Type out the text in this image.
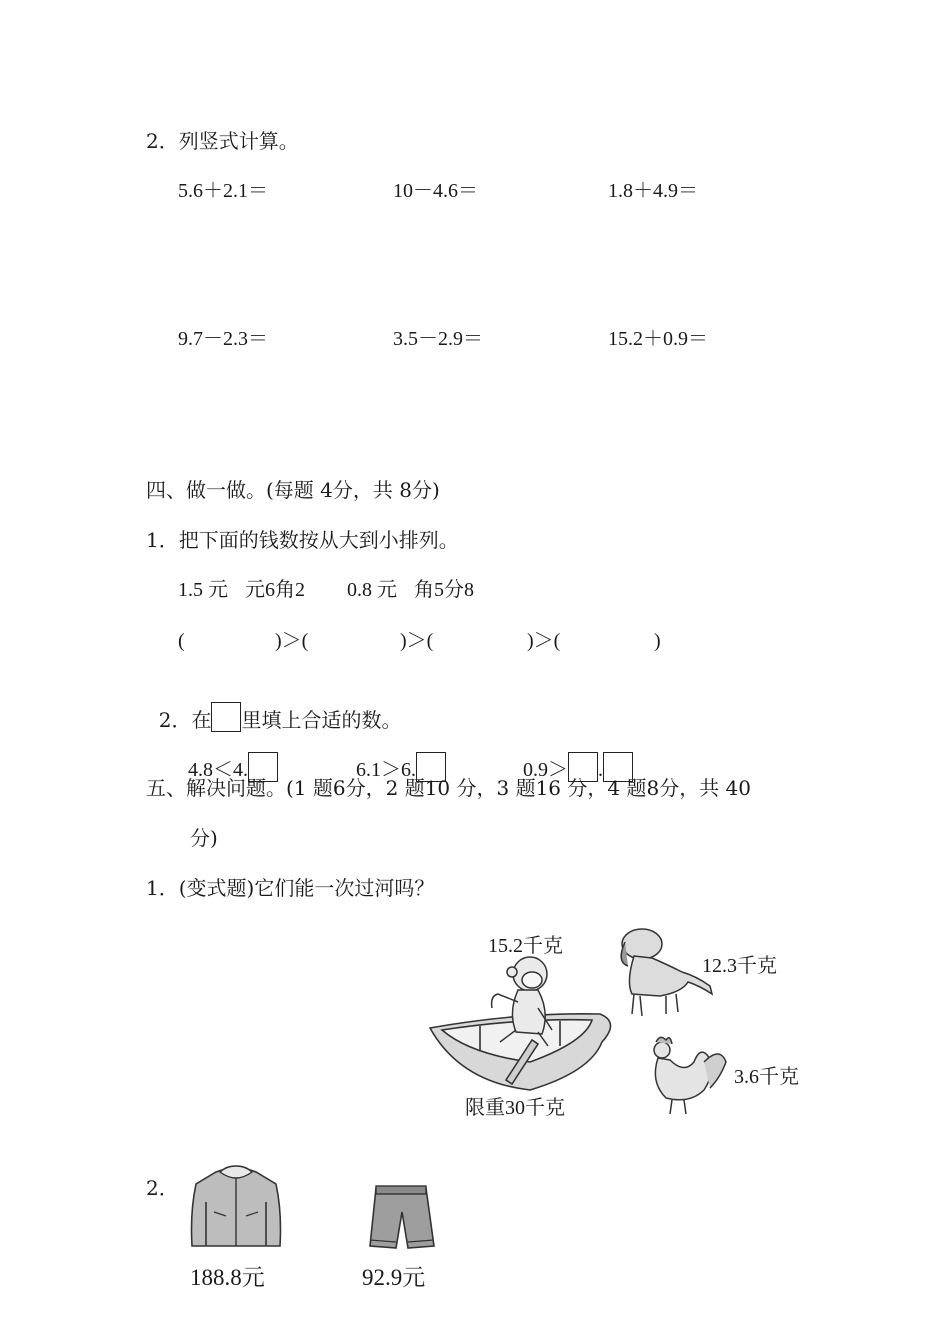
2．列竖式计算。
5.6＋2.1＝	10－4.6＝	1.8＋4.9＝
9.7－2.3＝	3.5－2.9＝	15.2＋0.9＝
四、做一做。(每题 4分，共 8分)
1．把下面的钱数按从大到小排列。
1.5 元 元6角2 0.8 元 角5分8
(	)＞(	)＞(	)＞(	)

2．在 里填上合适的数。

4.8＜4.	6.1＞6.	0.9＞ .

五、解决问题。(1 题6分，2 题10 分，3 题16 分，4 题8分，共 40
分)
1．(变式题)它们能一次过河吗？
15.2千克
限重30千克
12.3千克
3.6千克
2．
188.8元	92.9元
